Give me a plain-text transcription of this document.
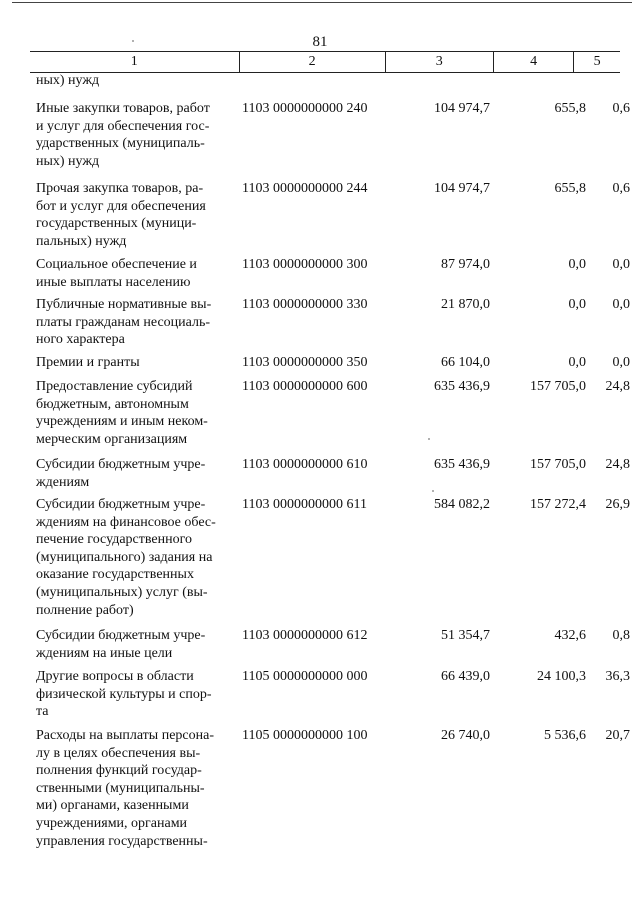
81
1	2	3	4	5
ных) нужд
Иные закупки товаров, работ
и услуг для обеспечения гос-
ударственных (муниципаль-
ных) нужд
1103 0000000000 240	104 974,7	655,8	0,6
Прочая закупка товаров, ра-
бот и услуг для обеспечения
государственных (муници-
пальных) нужд
1103 0000000000 244	104 974,7	655,8	0,6
Социальное обеспечение и
иные выплаты населению
1103 0000000000 300	87 974,0	0,0	0,0
Публичные нормативные вы-
платы гражданам несоциаль-
ного характера
1103 0000000000 330	21 870,0	0,0	0,0
Премии и гранты	1103 0000000000 350	66 104,0	0,0	0,0
Предоставление субсидий
бюджетным, автономным
учреждениям и иным неком-
мерческим организациям
1103 0000000000 600	635 436,9	157 705,0	24,8
Субсидии бюджетным учре-
ждениям
1103 0000000000 610	635 436,9	157 705,0	24,8
Субсидии бюджетным учре-
ждениям на финансовое обес-
печение государственного
(муниципального) задания на
оказание государственных
(муниципальных) услуг (вы-
полнение работ)
1103 0000000000 611	584 082,2	157 272,4	26,9
Субсидии бюджетным учре-
ждениям на иные цели
1103 0000000000 612	51 354,7	432,6	0,8
Другие вопросы в области
физической культуры и спор-
та
1105 0000000000 000	66 439,0	24 100,3	36,3
Расходы на выплаты персона-
лу в целях обеспечения вы-
полнения функций государ-
ственными (муниципальны-
ми) органами, казенными
учреждениями, органами
управления государственны-
1105 0000000000 100	26 740,0	5 536,6	20,7
